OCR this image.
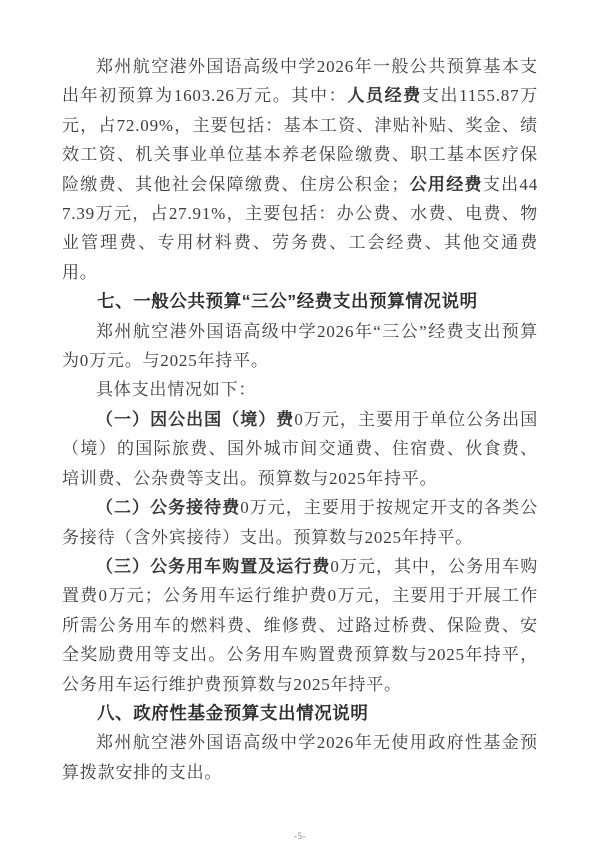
郑州航空港外国语高级中学2026年一般公共预算基本支出年初预算为1603.26万元。其中：人员经费支出1155.87万元，占72.09%，主要包括：基本工资、津贴补贴、奖金、绩效工资、机关事业单位基本养老保险缴费、职工基本医疗保险缴费、其他社会保障缴费、住房公积金；公用经费支出447.39万元，占27.91%，主要包括：办公费、水费、电费、物业管理费、专用材料费、劳务费、工会经费、其他交通费用。

七、一般公共预算“三公”经费支出预算情况说明

郑州航空港外国语高级中学2026年“三公”经费支出预算为0万元。与2025年持平。

具体支出情况如下：

（一）因公出国（境）费0万元，主要用于单位公务出国（境）的国际旅费、国外城市间交通费、住宿费、伙食费、培训费、公杂费等支出。预算数与2025年持平。

（二）公务接待费0万元，主要用于按规定开支的各类公务接待（含外宾接待）支出。预算数与2025年持平。

（三）公务用车购置及运行费0万元，其中，公务用车购置费0万元；公务用车运行维护费0万元，主要用于开展工作所需公务用车的燃料费、维修费、过路过桥费、保险费、安全奖励费用等支出。公务用车购置费预算数与2025年持平，公务用车运行维护费预算数与2025年持平。

八、政府性基金预算支出情况说明

郑州航空港外国语高级中学2026年无使用政府性基金预算拨款安排的支出。

-5-
